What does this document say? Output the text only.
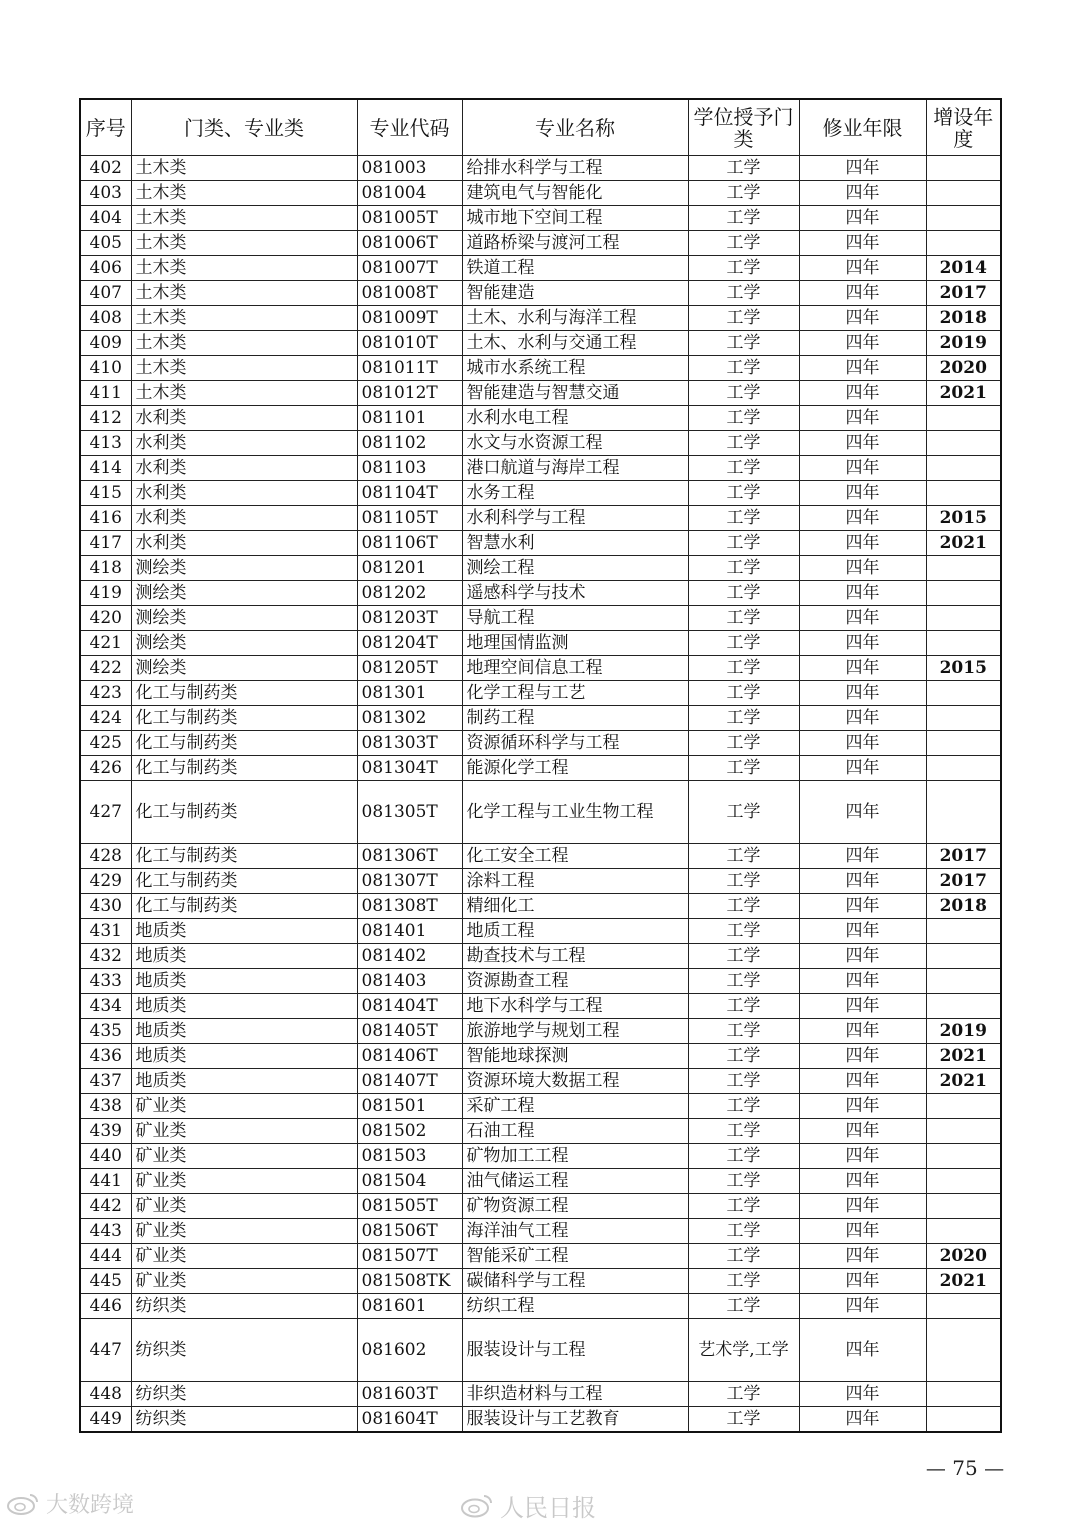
序号	门类、专业类	专业代码	专业名称	学位授予门类	修业年限	增设年度
402	土木类	081003	给排水科学与工程	工学	四年	
403	土木类	081004	建筑电气与智能化	工学	四年	
404	土木类	081005T	城市地下空间工程	工学	四年	
405	土木类	081006T	道路桥梁与渡河工程	工学	四年	
406	土木类	081007T	铁道工程	工学	四年	2014
407	土木类	081008T	智能建造	工学	四年	2017
408	土木类	081009T	土木、水利与海洋工程	工学	四年	2018
409	土木类	081010T	土木、水利与交通工程	工学	四年	2019
410	土木类	081011T	城市水系统工程	工学	四年	2020
411	土木类	081012T	智能建造与智慧交通	工学	四年	2021
412	水利类	081101	水利水电工程	工学	四年	
413	水利类	081102	水文与水资源工程	工学	四年	
414	水利类	081103	港口航道与海岸工程	工学	四年	
415	水利类	081104T	水务工程	工学	四年	
416	水利类	081105T	水利科学与工程	工学	四年	2015
417	水利类	081106T	智慧水利	工学	四年	2021
418	测绘类	081201	测绘工程	工学	四年	
419	测绘类	081202	遥感科学与技术	工学	四年	
420	测绘类	081203T	导航工程	工学	四年	
421	测绘类	081204T	地理国情监测	工学	四年	
422	测绘类	081205T	地理空间信息工程	工学	四年	2015
423	化工与制药类	081301	化学工程与工艺	工学	四年	
424	化工与制药类	081302	制药工程	工学	四年	
425	化工与制药类	081303T	资源循环科学与工程	工学	四年	
426	化工与制药类	081304T	能源化学工程	工学	四年	
427	化工与制药类	081305T	化学工程与工业生物工程	工学	四年	
428	化工与制药类	081306T	化工安全工程	工学	四年	2017
429	化工与制药类	081307T	涂料工程	工学	四年	2017
430	化工与制药类	081308T	精细化工	工学	四年	2018
431	地质类	081401	地质工程	工学	四年	
432	地质类	081402	勘查技术与工程	工学	四年	
433	地质类	081403	资源勘查工程	工学	四年	
434	地质类	081404T	地下水科学与工程	工学	四年	
435	地质类	081405T	旅游地学与规划工程	工学	四年	2019
436	地质类	081406T	智能地球探测	工学	四年	2021
437	地质类	081407T	资源环境大数据工程	工学	四年	2021
438	矿业类	081501	采矿工程	工学	四年	
439	矿业类	081502	石油工程	工学	四年	
440	矿业类	081503	矿物加工工程	工学	四年	
441	矿业类	081504	油气储运工程	工学	四年	
442	矿业类	081505T	矿物资源工程	工学	四年	
443	矿业类	081506T	海洋油气工程	工学	四年	
444	矿业类	081507T	智能采矿工程	工学	四年	2020
445	矿业类	081508TK	碳储科学与工程	工学	四年	2021
446	纺织类	081601	纺织工程	工学	四年	
447	纺织类	081602	服装设计与工程	艺术学,工学	四年	
448	纺织类	081603T	非织造材料与工程	工学	四年	
449	纺织类	081604T	服装设计与工艺教育	工学	四年	
— 75 —
大数跨境	人民日报
